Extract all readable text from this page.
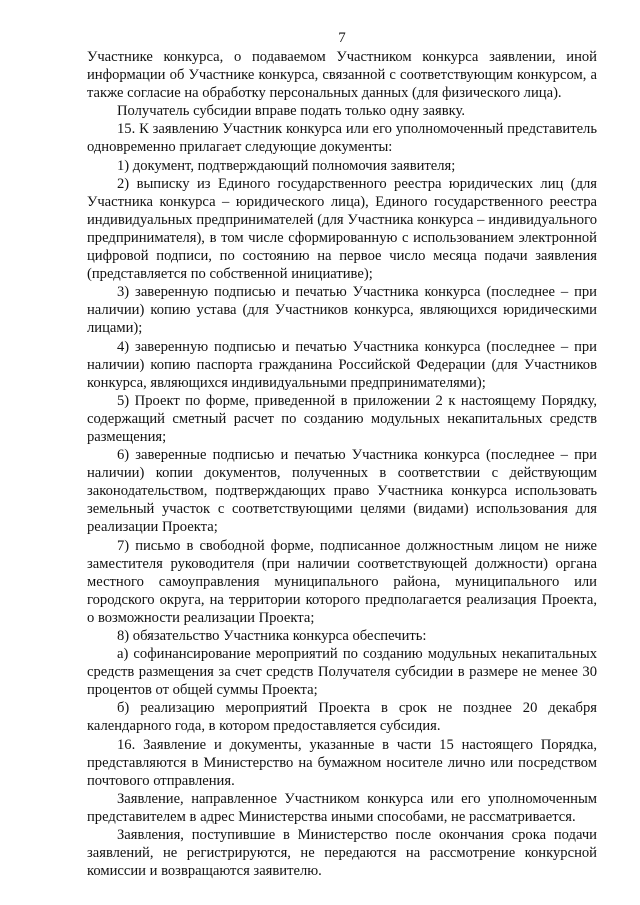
7

Участнике конкурса, о подаваемом Участником конкурса заявлении, иной информации об Участнике конкурса, связанной с соответствующим конкурсом, а также согласие на обработку персональных данных (для физического лица).

Получатель субсидии вправе подать только одну заявку.

15. К заявлению Участник конкурса или его уполномоченный представитель одновременно прилагает следующие документы:

1) документ, подтверждающий полномочия заявителя;

2) выписку из Единого государственного реестра юридических лиц (для Участника конкурса – юридического лица), Единого государственного реестра индивидуальных предпринимателей (для Участника конкурса – индивидуального предпринимателя), в том числе сформированную с использованием электронной цифровой подписи, по состоянию на первое число месяца подачи заявления (представляется по собственной инициативе);

3) заверенную подписью и печатью Участника конкурса (последнее – при наличии) копию устава (для Участников конкурса, являющихся юридическими лицами);

4) заверенную подписью и печатью Участника конкурса (последнее – при наличии) копию паспорта гражданина Российской Федерации (для Участников конкурса, являющихся индивидуальными предпринимателями);

5) Проект по форме, приведенной в приложении 2 к настоящему Порядку, содержащий сметный расчет по созданию модульных некапитальных средств размещения;

6) заверенные подписью и печатью Участника конкурса (последнее – при наличии) копии документов, полученных в соответствии с действующим законодательством, подтверждающих право Участника конкурса использовать земельный участок с соответствующими целями (видами) использования для реализации Проекта;

7) письмо в свободной форме, подписанное должностным лицом не ниже заместителя руководителя (при наличии соответствующей должности) органа местного самоуправления муниципального района, муниципального или городского округа, на территории которого предполагается реализация Проекта, о возможности реализации Проекта;

8) обязательство Участника конкурса обеспечить:

а) софинансирование мероприятий по созданию модульных некапитальных средств размещения за счет средств Получателя субсидии в размере не менее 30 процентов от общей суммы Проекта;

б) реализацию мероприятий Проекта в срок не позднее 20 декабря календарного года, в котором предоставляется субсидия.

16. Заявление и документы, указанные в части 15 настоящего Порядка, представляются в Министерство на бумажном носителе лично или посредством почтового отправления.

Заявление, направленное Участником конкурса или его уполномоченным представителем в адрес Министерства иными способами, не рассматривается.

Заявления, поступившие в Министерство после окончания срока подачи заявлений, не регистрируются, не передаются на рассмотрение конкурсной комиссии и возвращаются заявителю.
